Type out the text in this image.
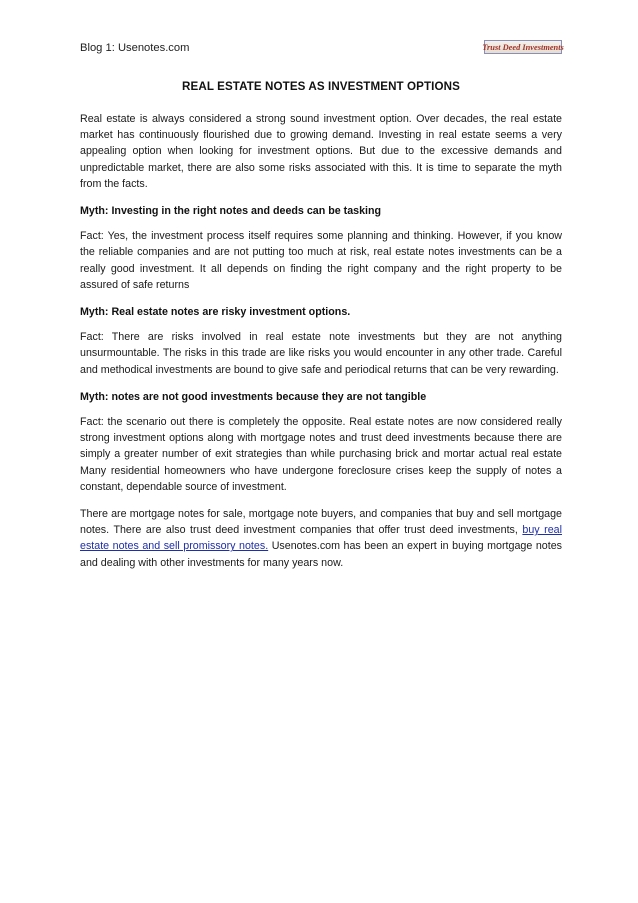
Blog 1: Usenotes.com	Trust Deed Investments
REAL ESTATE NOTES AS INVESTMENT OPTIONS

Real estate is always considered a strong sound investment option. Over decades, the real estate market has continuously flourished due to growing demand. Investing in real estate seems a very appealing option when looking for investment options. But due to the excessive demands and unpredictable market, there are also some risks associated with this. It is time to separate the myth from the facts.

Myth: Investing in the right notes and deeds can be tasking

Fact: Yes, the investment process itself requires some planning and thinking. However, if you know the reliable companies and are not putting too much at risk, real estate notes investments can be a really good investment. It all depends on finding the right company and the right property to be assured of safe returns

Myth: Real estate notes are risky investment options.

Fact: There are risks involved in real estate note investments but they are not anything unsurmountable. The risks in this trade are like risks you would encounter in any other trade. Careful and methodical investments are bound to give safe and periodical returns that can be very rewarding.

Myth: notes are not good investments because they are not tangible

Fact: the scenario out there is completely the opposite. Real estate notes are now considered really strong investment options along with mortgage notes and trust deed investments because there are simply a greater number of exit strategies than while purchasing brick and mortar actual real estate Many residential homeowners who have undergone foreclosure crises keep the supply of notes a constant, dependable source of investment.

There are mortgage notes for sale, mortgage note buyers, and companies that buy and sell mortgage notes. There are also trust deed investment companies that offer trust deed investments, buy real estate notes and sell promissory notes. Usenotes.com has been an expert in buying mortgage notes and dealing with other investments for many years now.
